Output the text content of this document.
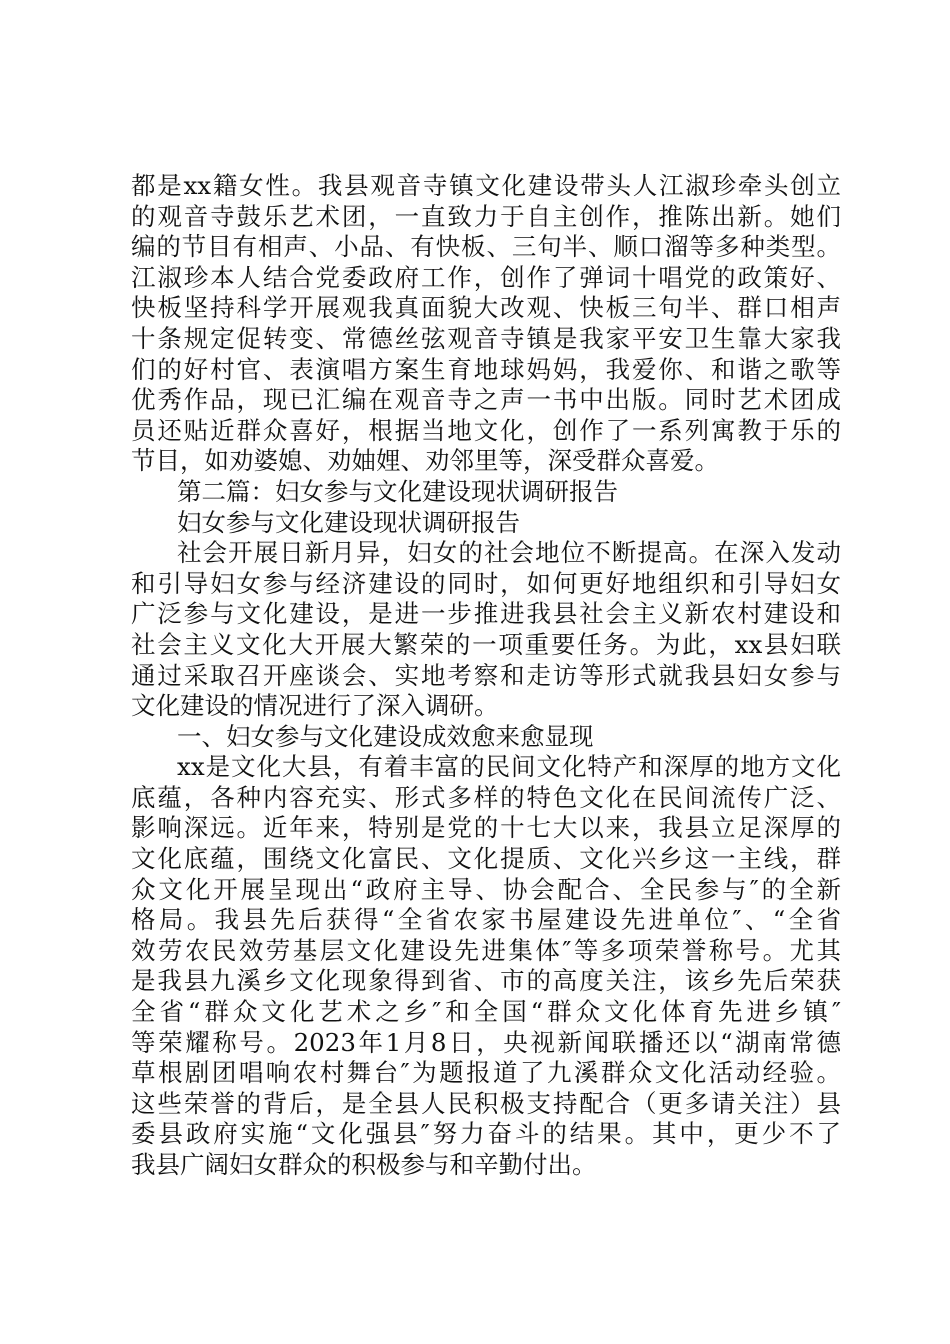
都是xx籍女性。我县观音寺镇文化建设带头人江淑珍牵头创立
的观音寺鼓乐艺术团，一直致力于自主创作，推陈出新。她们
编的节目有相声、小品、有快板、三句半、顺口溜等多种类型。
江淑珍本人结合党委政府工作，创作了弹词十唱党的政策好、
快板坚持科学开展观我真面貌大改观、快板三句半、群口相声
十条规定促转变、常德丝弦观音寺镇是我家平安卫生靠大家我
们的好村官、表演唱方案生育地球妈妈，我爱你、和谐之歌等
优秀作品，现已汇编在观音寺之声一书中出版。同时艺术团成
员还贴近群众喜好，根据当地文化，创作了一系列寓教于乐的
节目，如劝婆媳、劝妯娌、劝邻里等，深受群众喜爱。
第二篇：妇女参与文化建设现状调研报告
妇女参与文化建设现状调研报告
社会开展日新月异，妇女的社会地位不断提高。在深入发动
和引导妇女参与经济建设的同时，如何更好地组织和引导妇女
广泛参与文化建设，是进一步推进我县社会主义新农村建设和
社会主义文化大开展大繁荣的一项重要任务。为此，xx县妇联
通过采取召开座谈会、实地考察和走访等形式就我县妇女参与
文化建设的情况进行了深入调研。
一、妇女参与文化建设成效愈来愈显现
xx是文化大县，有着丰富的民间文化特产和深厚的地方文化
底蕴，各种内容充实、形式多样的特色文化在民间流传广泛、
影响深远。近年来，特别是党的十七大以来，我县立足深厚的
文化底蕴，围绕文化富民、文化提质、文化兴乡这一主线，群
众文化开展呈现出“政府主导、协会配合、全民参与″的全新
格局。我县先后获得“全省农家书屋建设先进单位″、“全省
效劳农民效劳基层文化建设先进集体″等多项荣誉称号。尤其
是我县九溪乡文化现象得到省、市的高度关注，该乡先后荣获
全省“群众文化艺术之乡″和全国“群众文化体育先进乡镇″
等荣耀称号。2023年1月8日，央视新闻联播还以“湖南常德
草根剧团唱响农村舞台″为题报道了九溪群众文化活动经验。
这些荣誉的背后，是全县人民积极支持配合（更多请关注）县
委县政府实施“文化强县″努力奋斗的结果。其中，更少不了
我县广阔妇女群众的积极参与和辛勤付出。
